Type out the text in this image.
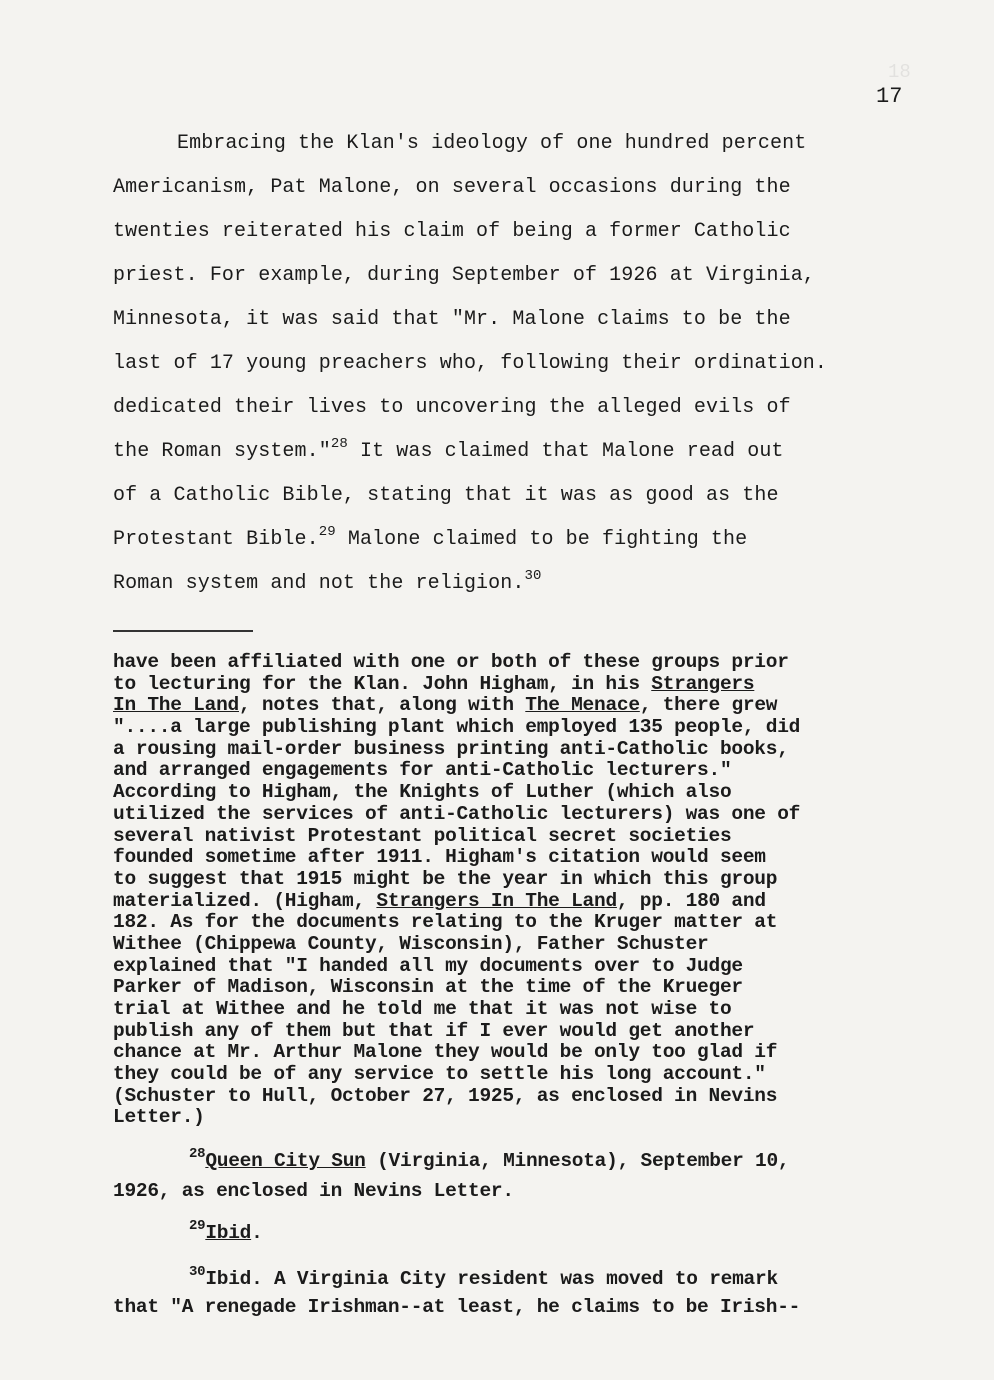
18
17
Embracing the Klan's ideology of one hundred percent
Americanism, Pat Malone, on several occasions during the
twenties reiterated his claim of being a former Catholic
priest. For example, during September of 1926 at Virginia,
Minnesota, it was said that "Mr. Malone claims to be the
last of 17 young preachers who, following their ordination.
dedicated their lives to uncovering the alleged evils of
the Roman system."$^{28}$ It was claimed that Malone read out
of a Catholic Bible, stating that it was as good as the
Protestant Bible.$^{29}$ Malone claimed to be fighting the
Roman system and not the religion.$^{30}$
have been affiliated with one or both of these groups prior
to lecturing for the Klan. John Higham, in his Strangers
In The Land, notes that, along with The Menace, there grew
"....a large publishing plant which employed 135 people, did
a rousing mail-order business printing anti-Catholic books,
and arranged engagements for anti-Catholic lecturers."
According to Higham, the Knights of Luther (which also
utilized the services of anti-Catholic lecturers) was one of
several nativist Protestant political secret societies
founded sometime after 1911. Higham's citation would seem
to suggest that 1915 might be the year in which this group
materialized. (Higham, Strangers In The Land, pp. 180 and
182. As for the documents relating to the Kruger matter at
Withee (Chippewa County, Wisconsin), Father Schuster
explained that "I handed all my documents over to Judge
Parker of Madison, Wisconsin at the time of the Krueger
trial at Withee and he told me that it was not wise to
publish any of them but that if I ever would get another
chance at Mr. Arthur Malone they would be only too glad if
they could be of any service to settle his long account."
(Schuster to Hull, October 27, 1925, as enclosed in Nevins
Letter.)
$^{28}$Queen City Sun (Virginia, Minnesota), September 10,
1926, as enclosed in Nevins Letter.
$^{29}$Ibid.
$^{30}$Ibid. A Virginia City resident was moved to remark
that "A renegade Irishman--at least, he claims to be Irish--
